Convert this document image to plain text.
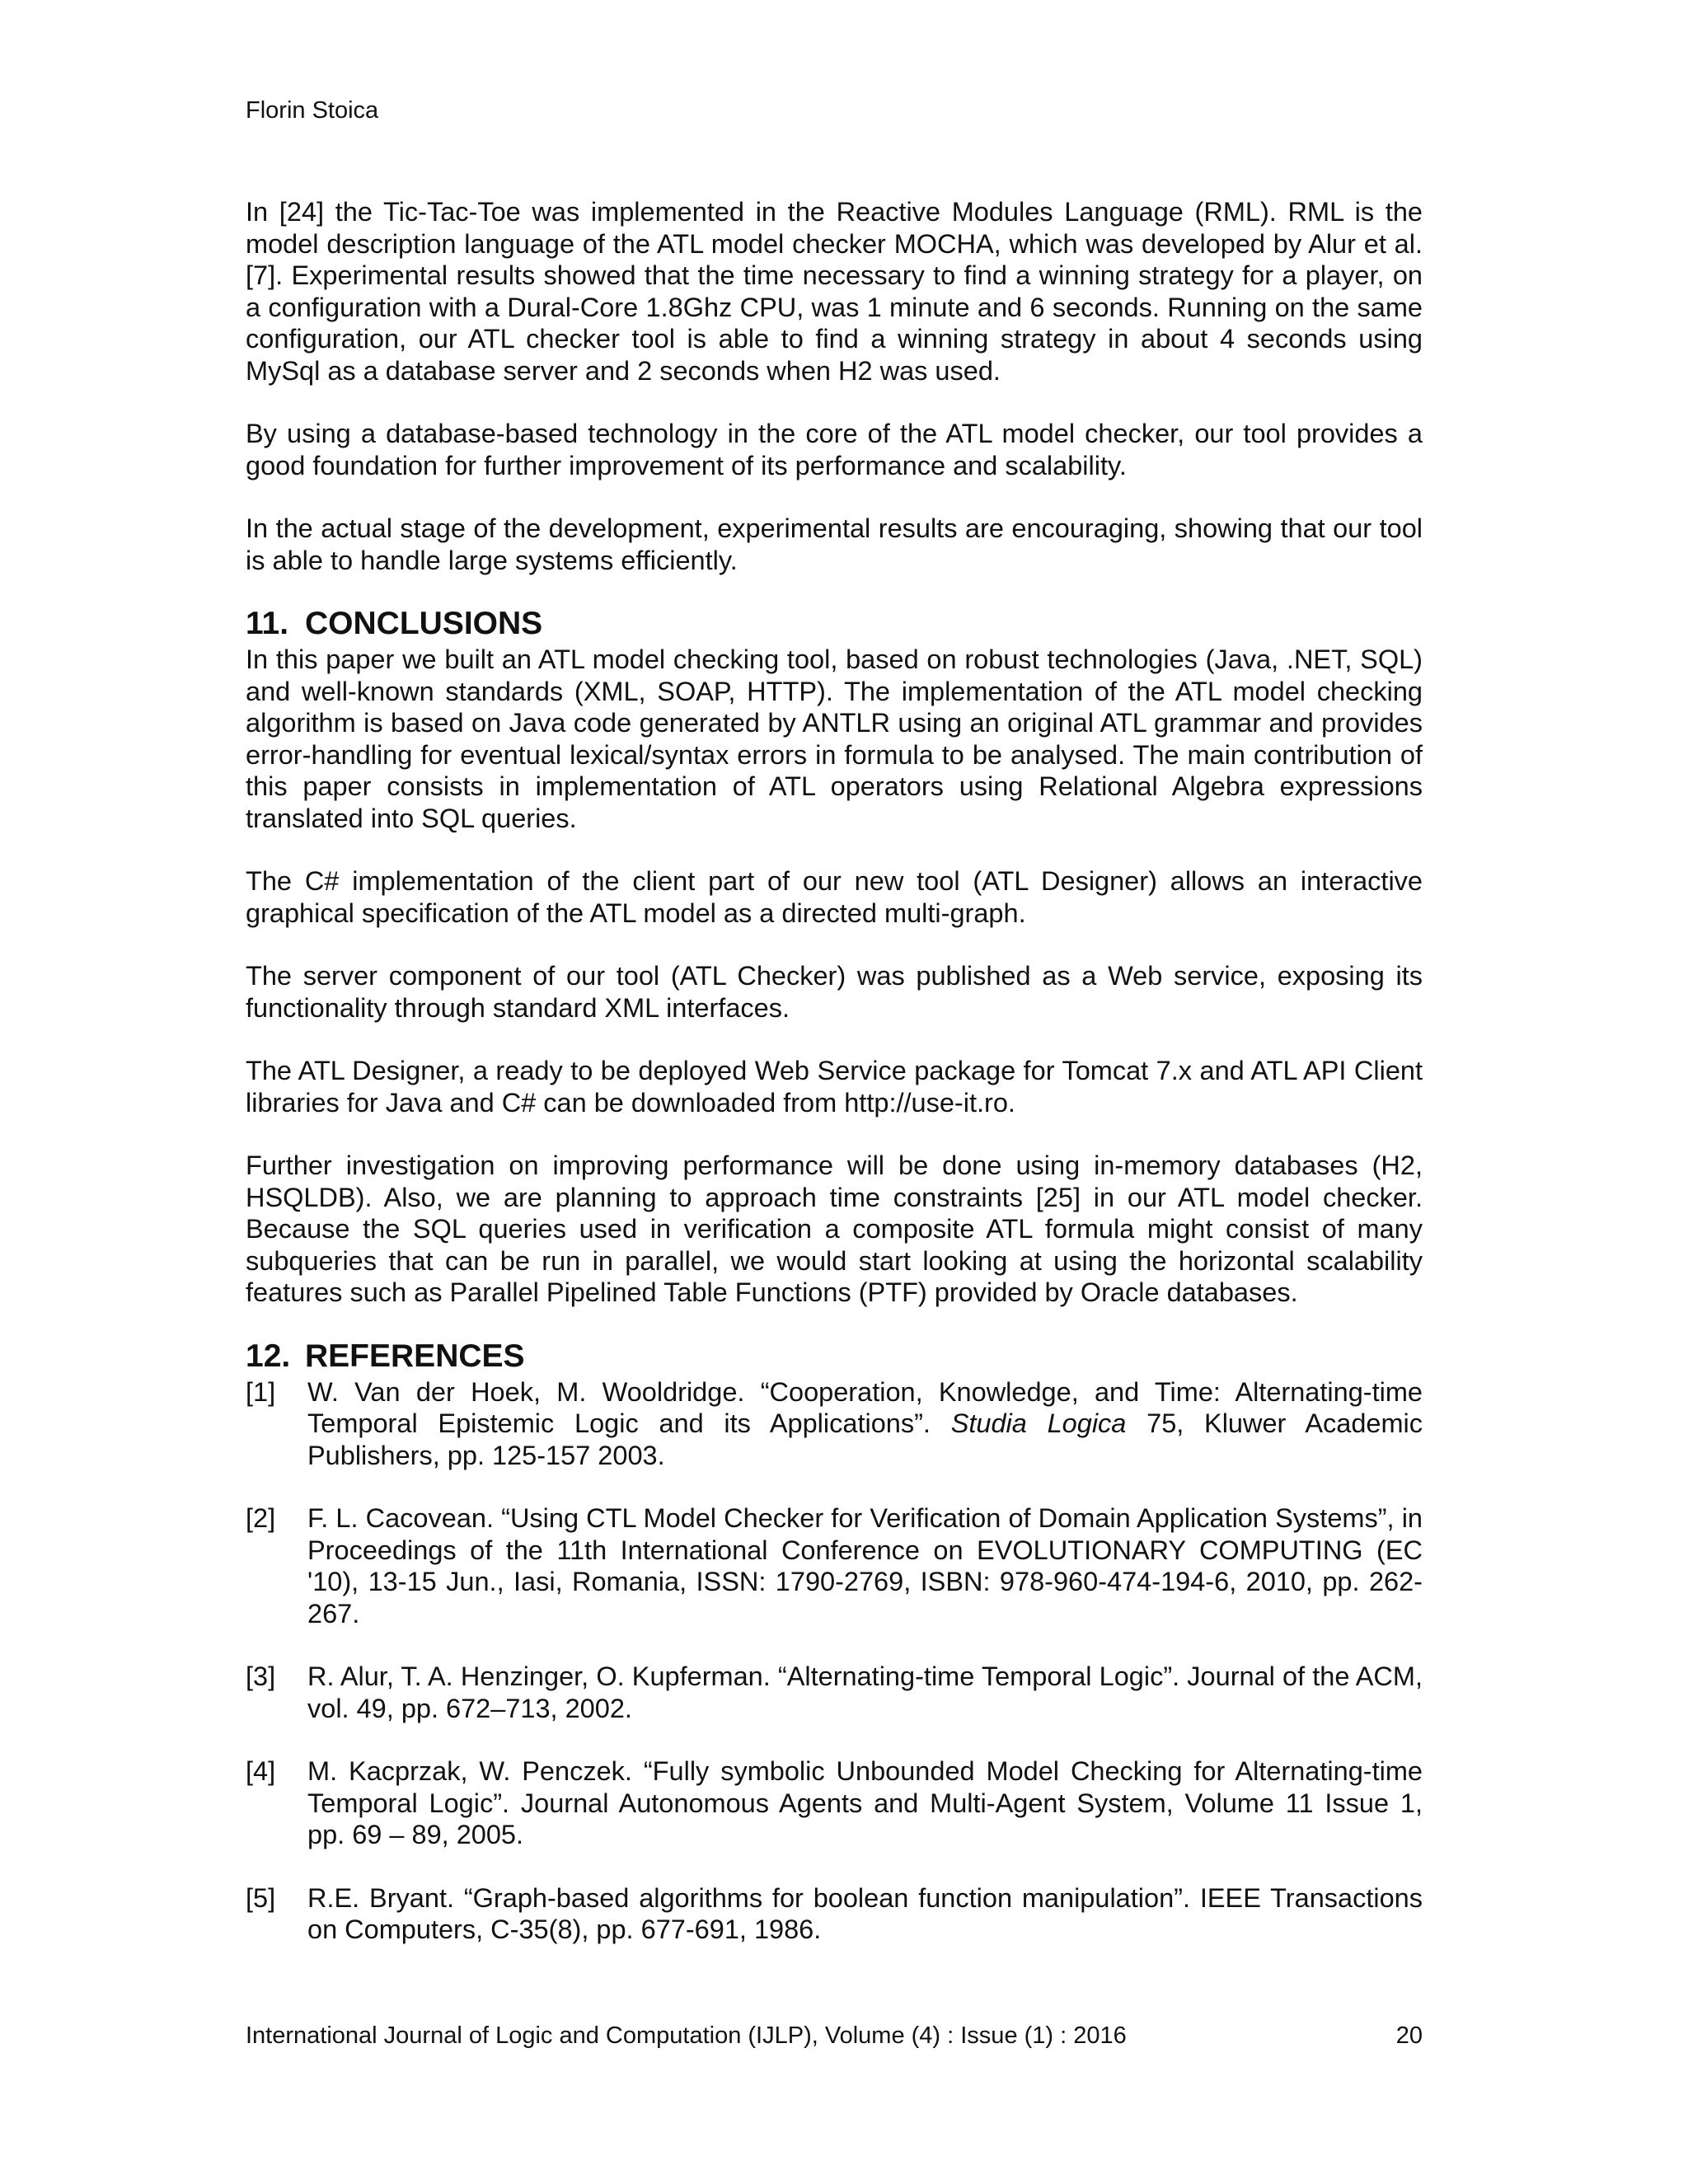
Florin Stoica

In [24] the Tic-Tac-Toe was implemented in the Reactive Modules Language (RML). RML is the model description language of the ATL model checker MOCHA, which was developed by Alur et al. [7]. Experimental results showed that the time necessary to find a winning strategy for a player, on a configuration with a Dural-Core 1.8Ghz CPU, was 1 minute and 6 seconds. Running on the same configuration, our ATL checker tool is able to find a winning strategy in about 4 seconds using MySql as a database server and 2 seconds when H2 was used.

By using a database-based technology in the core of the ATL model checker, our tool provides a good foundation for further improvement of its performance and scalability.

In the actual stage of the development, experimental results are encouraging, showing that our tool is able to handle large systems efficiently.

11. CONCLUSIONS

In this paper we built an ATL model checking tool, based on robust technologies (Java, .NET, SQL) and well-known standards (XML, SOAP, HTTP). The implementation of the ATL model checking algorithm is based on Java code generated by ANTLR using an original ATL grammar and provides error-handling for eventual lexical/syntax errors in formula to be analysed. The main contribution of this paper consists in implementation of ATL operators using Relational Algebra expressions translated into SQL queries.

The C# implementation of the client part of our new tool (ATL Designer) allows an interactive graphical specification of the ATL model as a directed multi-graph.

The server component of our tool (ATL Checker) was published as a Web service, exposing its functionality through standard XML interfaces.

The ATL Designer, a ready to be deployed Web Service package for Tomcat 7.x and ATL API Client libraries for Java and C# can be downloaded from http://use-it.ro.

Further investigation on improving performance will be done using in-memory databases (H2, HSQLDB). Also, we are planning to approach time constraints [25] in our ATL model checker. Because the SQL queries used in verification a composite ATL formula might consist of many subqueries that can be run in parallel, we would start looking at using the horizontal scalability features such as Parallel Pipelined Table Functions (PTF) provided by Oracle databases.

12. REFERENCES
[1]	W. Van der Hoek, M. Wooldridge. “Cooperation, Knowledge, and Time: Alternating-time Temporal Epistemic Logic and its Applications”. Studia Logica 75, Kluwer Academic Publishers, pp. 125-157 2003.
[2]	F. L. Cacovean. “Using CTL Model Checker for Verification of Domain Application Systems”, in Proceedings of the 11th International Conference on EVOLUTIONARY COMPUTING (EC '10), 13-15 Jun., Iasi, Romania, ISSN: 1790-2769, ISBN: 978-960-474-194-6, 2010, pp. 262-267.
[3]	R. Alur, T. A. Henzinger, O. Kupferman. “Alternating-time Temporal Logic”. Journal of the ACM, vol. 49, pp. 672–713, 2002.
[4]	M. Kacprzak, W. Penczek. “Fully symbolic Unbounded Model Checking for Alternating-time Temporal Logic”. Journal Autonomous Agents and Multi-Agent System, Volume 11 Issue 1, pp. 69 – 89, 2005.
[5]	R.E. Bryant. “Graph-based algorithms for boolean function manipulation”. IEEE Transactions on Computers, C-35(8), pp. 677-691, 1986.
International Journal of Logic and Computation (IJLP), Volume (4) : Issue (1) : 2016	20
